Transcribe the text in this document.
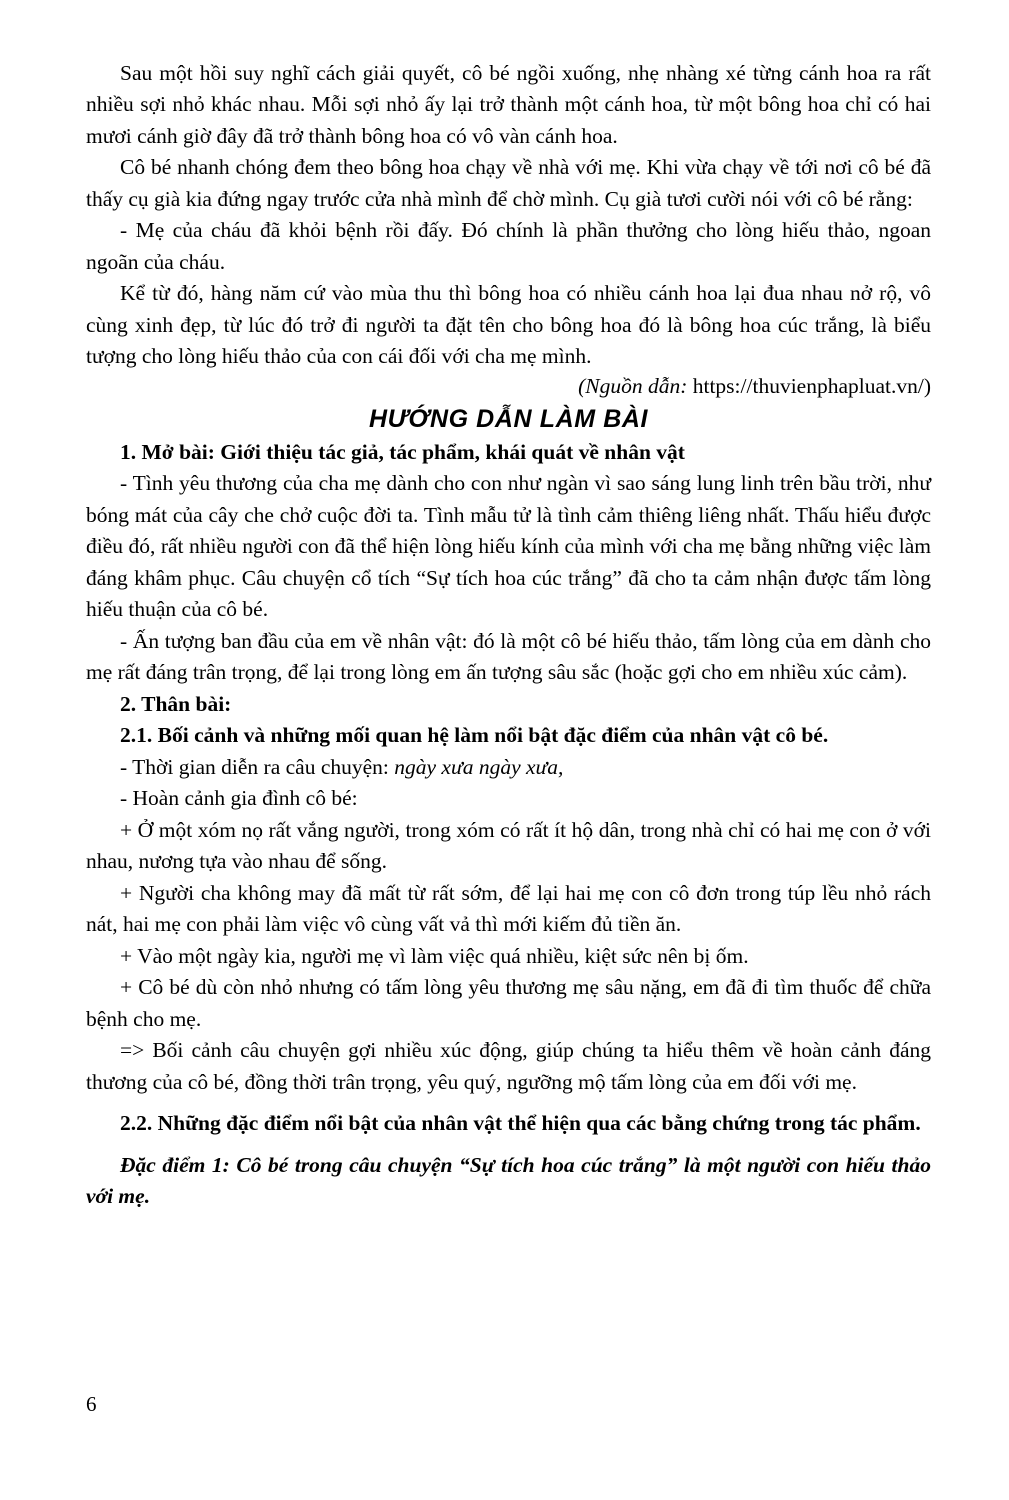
Sau một hồi suy nghĩ cách giải quyết, cô bé ngồi xuống, nhẹ nhàng xé từng cánh hoa ra rất nhiều sợi nhỏ khác nhau. Mỗi sợi nhỏ ấy lại trở thành một cánh hoa, từ một bông hoa chỉ có hai mươi cánh giờ đây đã trở thành bông hoa có vô vàn cánh hoa.

Cô bé nhanh chóng đem theo bông hoa chạy về nhà với mẹ. Khi vừa chạy về tới nơi cô bé đã thấy cụ già kia đứng ngay trước cửa nhà mình để chờ mình. Cụ già tươi cười nói với cô bé rằng:

- Mẹ của cháu đã khỏi bệnh rồi đấy. Đó chính là phần thưởng cho lòng hiếu thảo, ngoan ngoãn của cháu.

Kể từ đó, hàng năm cứ vào mùa thu thì bông hoa có nhiều cánh hoa lại đua nhau nở rộ, vô cùng xinh đẹp, từ lúc đó trở đi người ta đặt tên cho bông hoa đó là bông hoa cúc trắng, là biểu tượng cho lòng hiếu thảo của con cái đối với cha mẹ mình.

(Nguồn dẫn: https://thuvienphapluat.vn/)
HƯỚNG DẪN LÀM BÀI

1. Mở bài: Giới thiệu tác giả, tác phẩm, khái quát về nhân vật

- Tình yêu thương của cha mẹ dành cho con như ngàn vì sao sáng lung linh trên bầu trời, như bóng mát của cây che chở cuộc đời ta. Tình mẫu tử là tình cảm thiêng liêng nhất. Thấu hiểu được điều đó, rất nhiều người con đã thể hiện lòng hiếu kính của mình với cha mẹ bằng những việc làm đáng khâm phục. Câu chuyện cổ tích “Sự tích hoa cúc trắng” đã cho ta cảm nhận được tấm lòng hiếu thuận của cô bé.

- Ấn tượng ban đầu của em về nhân vật: đó là một cô bé hiếu thảo, tấm lòng của em dành cho mẹ rất đáng trân trọng, để lại trong lòng em ấn tượng sâu sắc (hoặc gợi cho em nhiều xúc cảm).

2. Thân bài:

2.1. Bối cảnh và những mối quan hệ làm nổi bật đặc điểm của nhân vật cô bé.

- Thời gian diễn ra câu chuyện: ngày xưa ngày xưa,

- Hoàn cảnh gia đình cô bé:

+ Ở một xóm nọ rất vắng người, trong xóm có rất ít hộ dân, trong nhà chỉ có hai mẹ con ở với nhau, nương tựa vào nhau để sống.

+ Người cha không may đã mất từ rất sớm, để lại hai mẹ con cô đơn trong túp lều nhỏ rách nát, hai mẹ con phải làm việc vô cùng vất vả thì mới kiếm đủ tiền ăn.

+ Vào một ngày kia, người mẹ vì làm việc quá nhiều, kiệt sức nên bị ốm.

+ Cô bé dù còn nhỏ nhưng có tấm lòng yêu thương mẹ sâu nặng, em đã đi tìm thuốc để chữa bệnh cho mẹ.

=> Bối cảnh câu chuyện gợi nhiều xúc động, giúp chúng ta hiểu thêm về hoàn cảnh đáng thương của cô bé, đồng thời trân trọng, yêu quý, ngưỡng mộ tấm lòng của em đối với mẹ.

2.2. Những đặc điểm nổi bật của nhân vật thể hiện qua các bằng chứng trong tác phẩm.

Đặc điểm 1: Cô bé trong câu chuyện “Sự tích hoa cúc trắng” là một người con hiếu thảo với mẹ.

6
